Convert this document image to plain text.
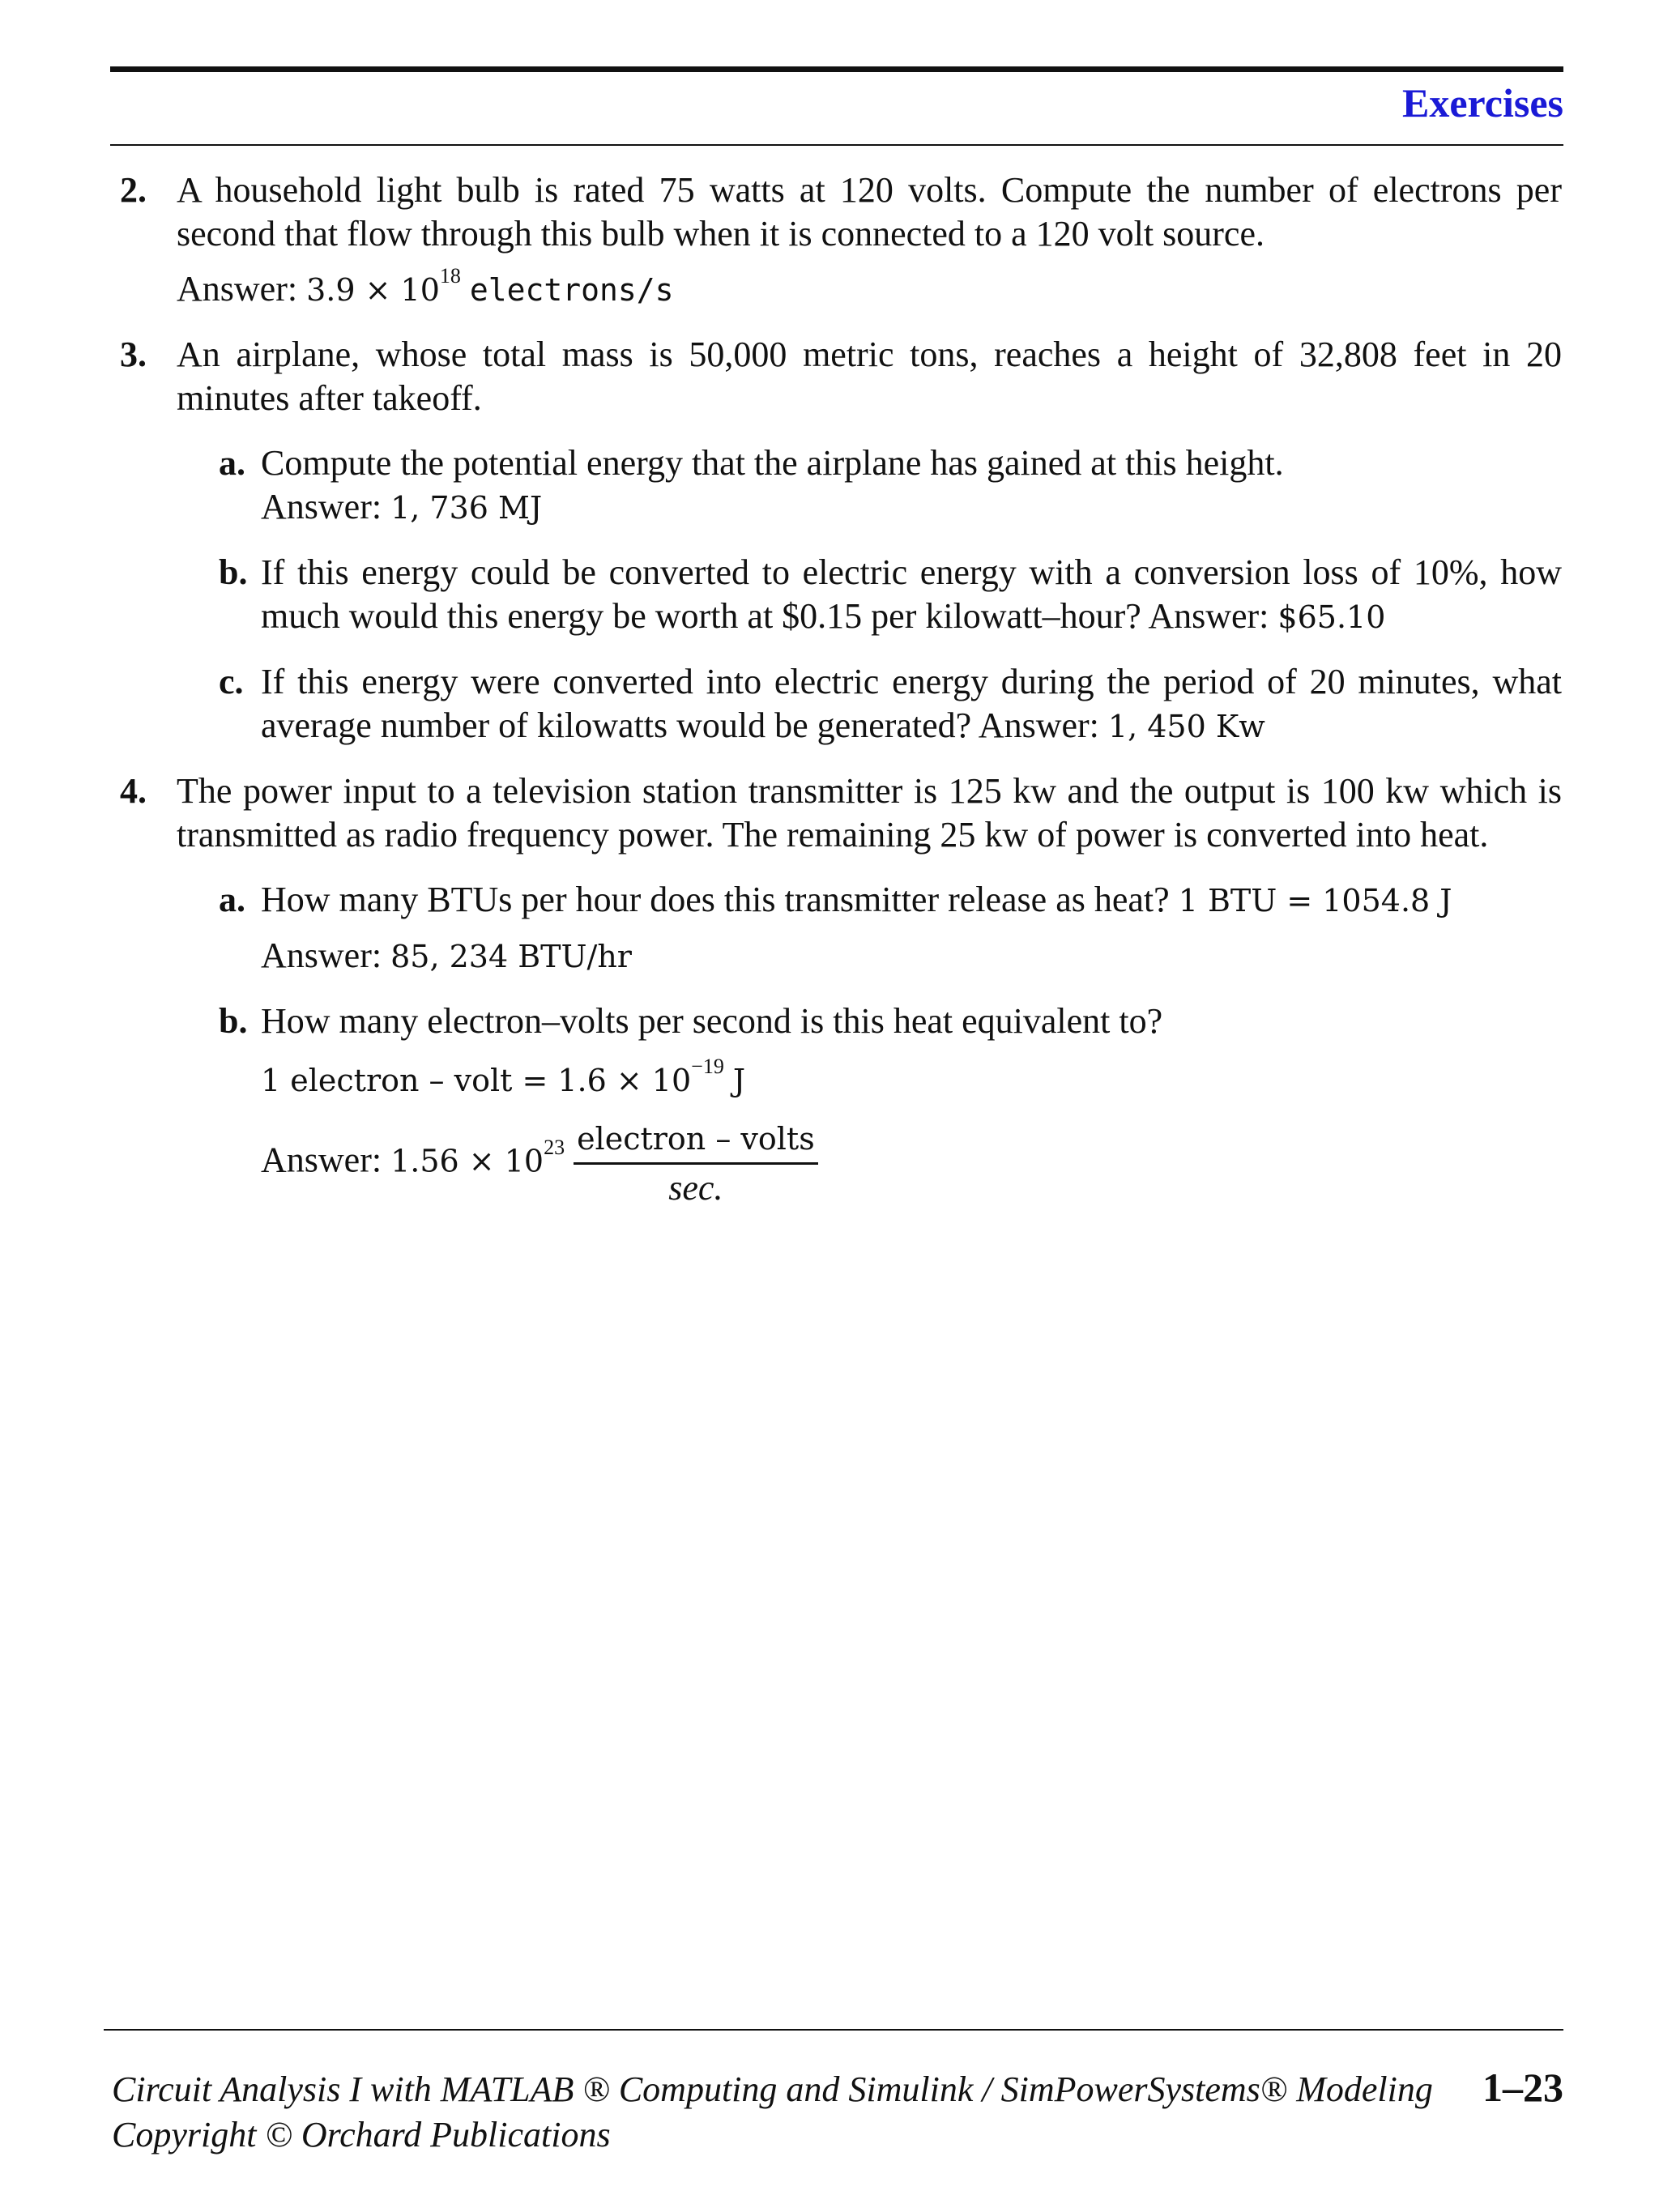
Exercises
2. A household light bulb is rated 75 watts at 120 volts. Compute the number of electrons per second that flow through this bulb when it is connected to a 120 volt source.
Answer: $3.9 \times 10^{18}$ electrons/s
3. An airplane, whose total mass is 50,000 metric tons, reaches a height of 32,808 feet in 20 minutes after takeoff.
a. Compute the potential energy that the airplane has gained at this height.
Answer: 1, 736 MJ
b. If this energy could be converted to electric energy with a conversion loss of 10%, how much would this energy be worth at $0.15 per kilowatt–hour? Answer: $65.10
c. If this energy were converted into electric energy during the period of 20 minutes, what average number of kilowatts would be generated? Answer: 1, 450 Kw
4. The power input to a television station transmitter is 125 kw and the output is 100 kw which is transmitted as radio frequency power. The remaining 25 kw of power is converted into heat.
a. How many BTUs per hour does this transmitter release as heat? 1 BTU = 1054.8 J
Answer: 85, 234 BTU/hr
b. How many electron–volts per second is this heat equivalent to?
1 electron – volt = $1.6 \times 10^{-19}$ J
Answer: $1.56 \times 10^{23} \frac{\text{electron – volts}}{\sec.}$
Circuit Analysis I with MATLAB ® Computing and Simulink / SimPowerSystems® Modeling 1–23
Copyright © Orchard Publications
